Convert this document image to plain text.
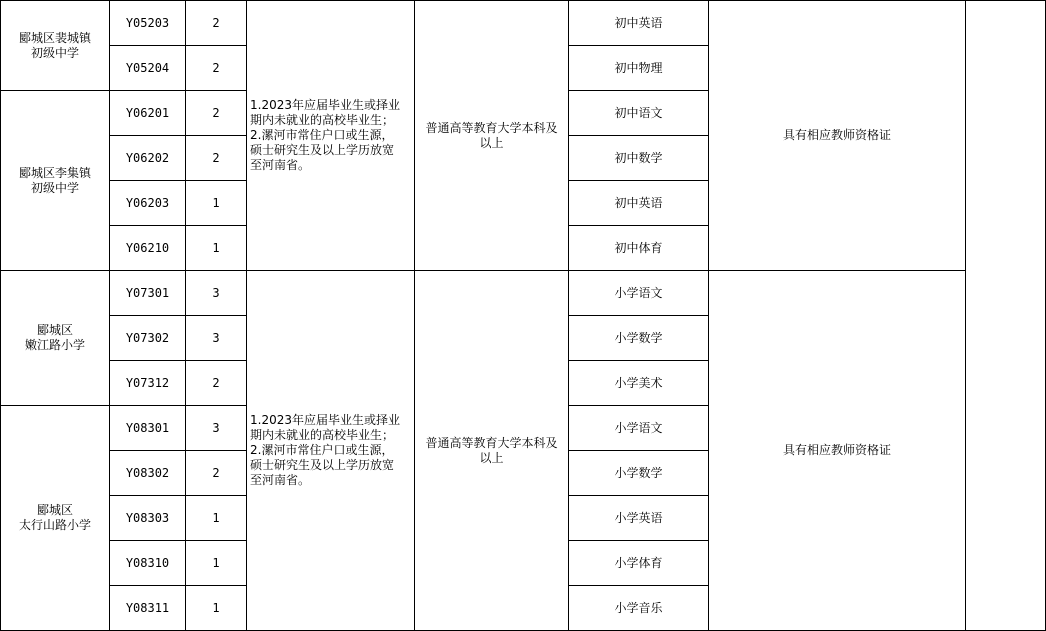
郾城区裴城镇
初级中学	Y05203	2	1.2023年应届毕业生或择业
期内未就业的高校毕业生；
2.漯河市常住户口或生源，
硕士研究生及以上学历放宽
至河南省。	普通高等教育大学本科及
以上	初中英语	具有相应教师资格证	
	Y05204	2			初中物理		

郾城区李集镇
初级中学	Y06201	2			初中语文		
	Y06202	2			初中数学		
	Y06203	1			初中英语		
	Y06210	1			初中体育		

郾城区
嫩江路小学	Y07301	3	1.2023年应届毕业生或择业
期内未就业的高校毕业生；
2.漯河市常住户口或生源，
硕士研究生及以上学历放宽
至河南省。	普通高等教育大学本科及
以上	小学语文	具有相应教师资格证	
	Y07302	3			小学数学		
	Y07312	2			小学美术		

郾城区
太行山路小学	Y08301	3			小学语文		
	Y08302	2			小学数学		
	Y08303	1			小学英语		
	Y08310	1			小学体育		
	Y08311	1			小学音乐		
